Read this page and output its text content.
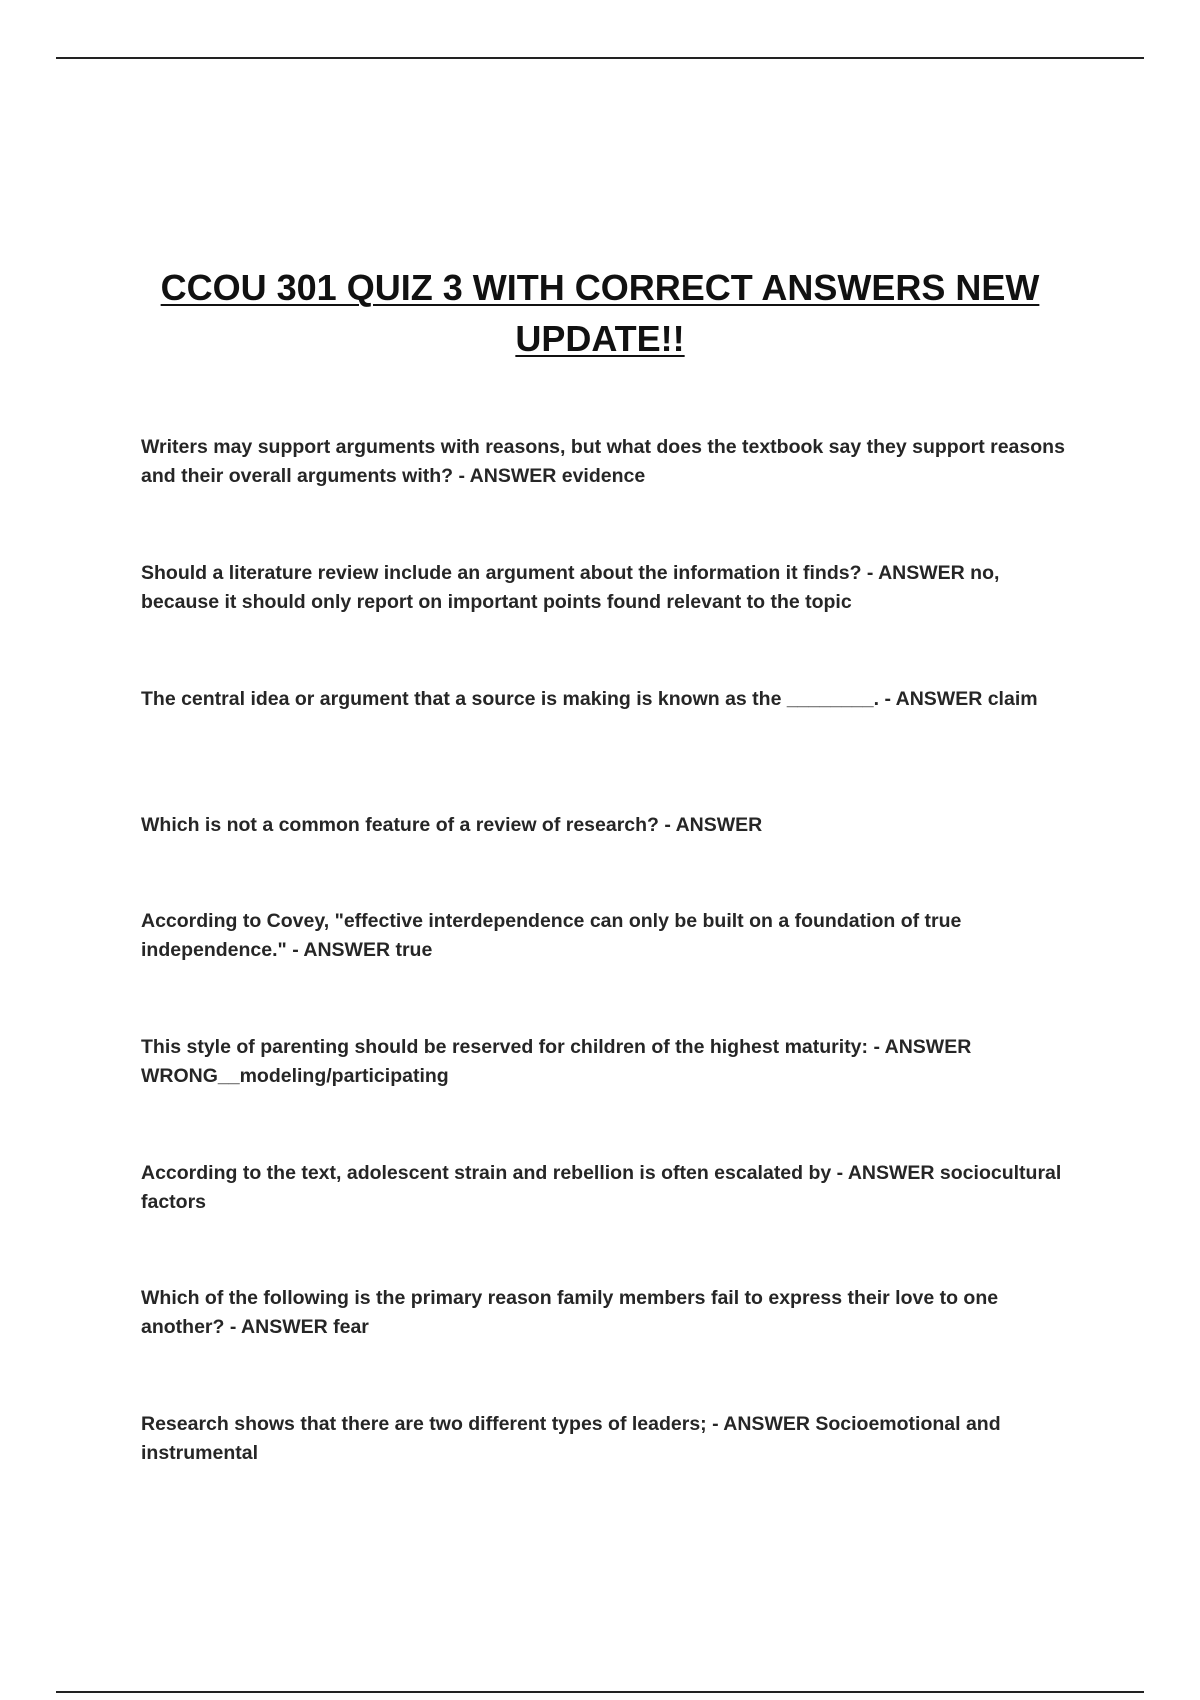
CCOU 301 QUIZ 3 WITH CORRECT ANSWERS NEW UPDATE!!

Writers may support arguments with reasons, but what does the textbook say they support reasons and their overall arguments with? - ANSWER evidence

Should a literature review include an argument about the information it finds? - ANSWER no, because it should only report on important points found relevant to the topic

The central idea or argument that a source is making is known as the ________. - ANSWER claim

Which is not a common feature of a review of research? - ANSWER

According to Covey, "effective interdependence can only be built on a foundation of true independence." - ANSWER true

This style of parenting should be reserved for children of the highest maturity: - ANSWER WRONG__modeling/participating

According to the text, adolescent strain and rebellion is often escalated by - ANSWER sociocultural factors

Which of the following is the primary reason family members fail to express their love to one another? - ANSWER fear

Research shows that there are two different types of leaders; - ANSWER Socioemotional and instrumental
